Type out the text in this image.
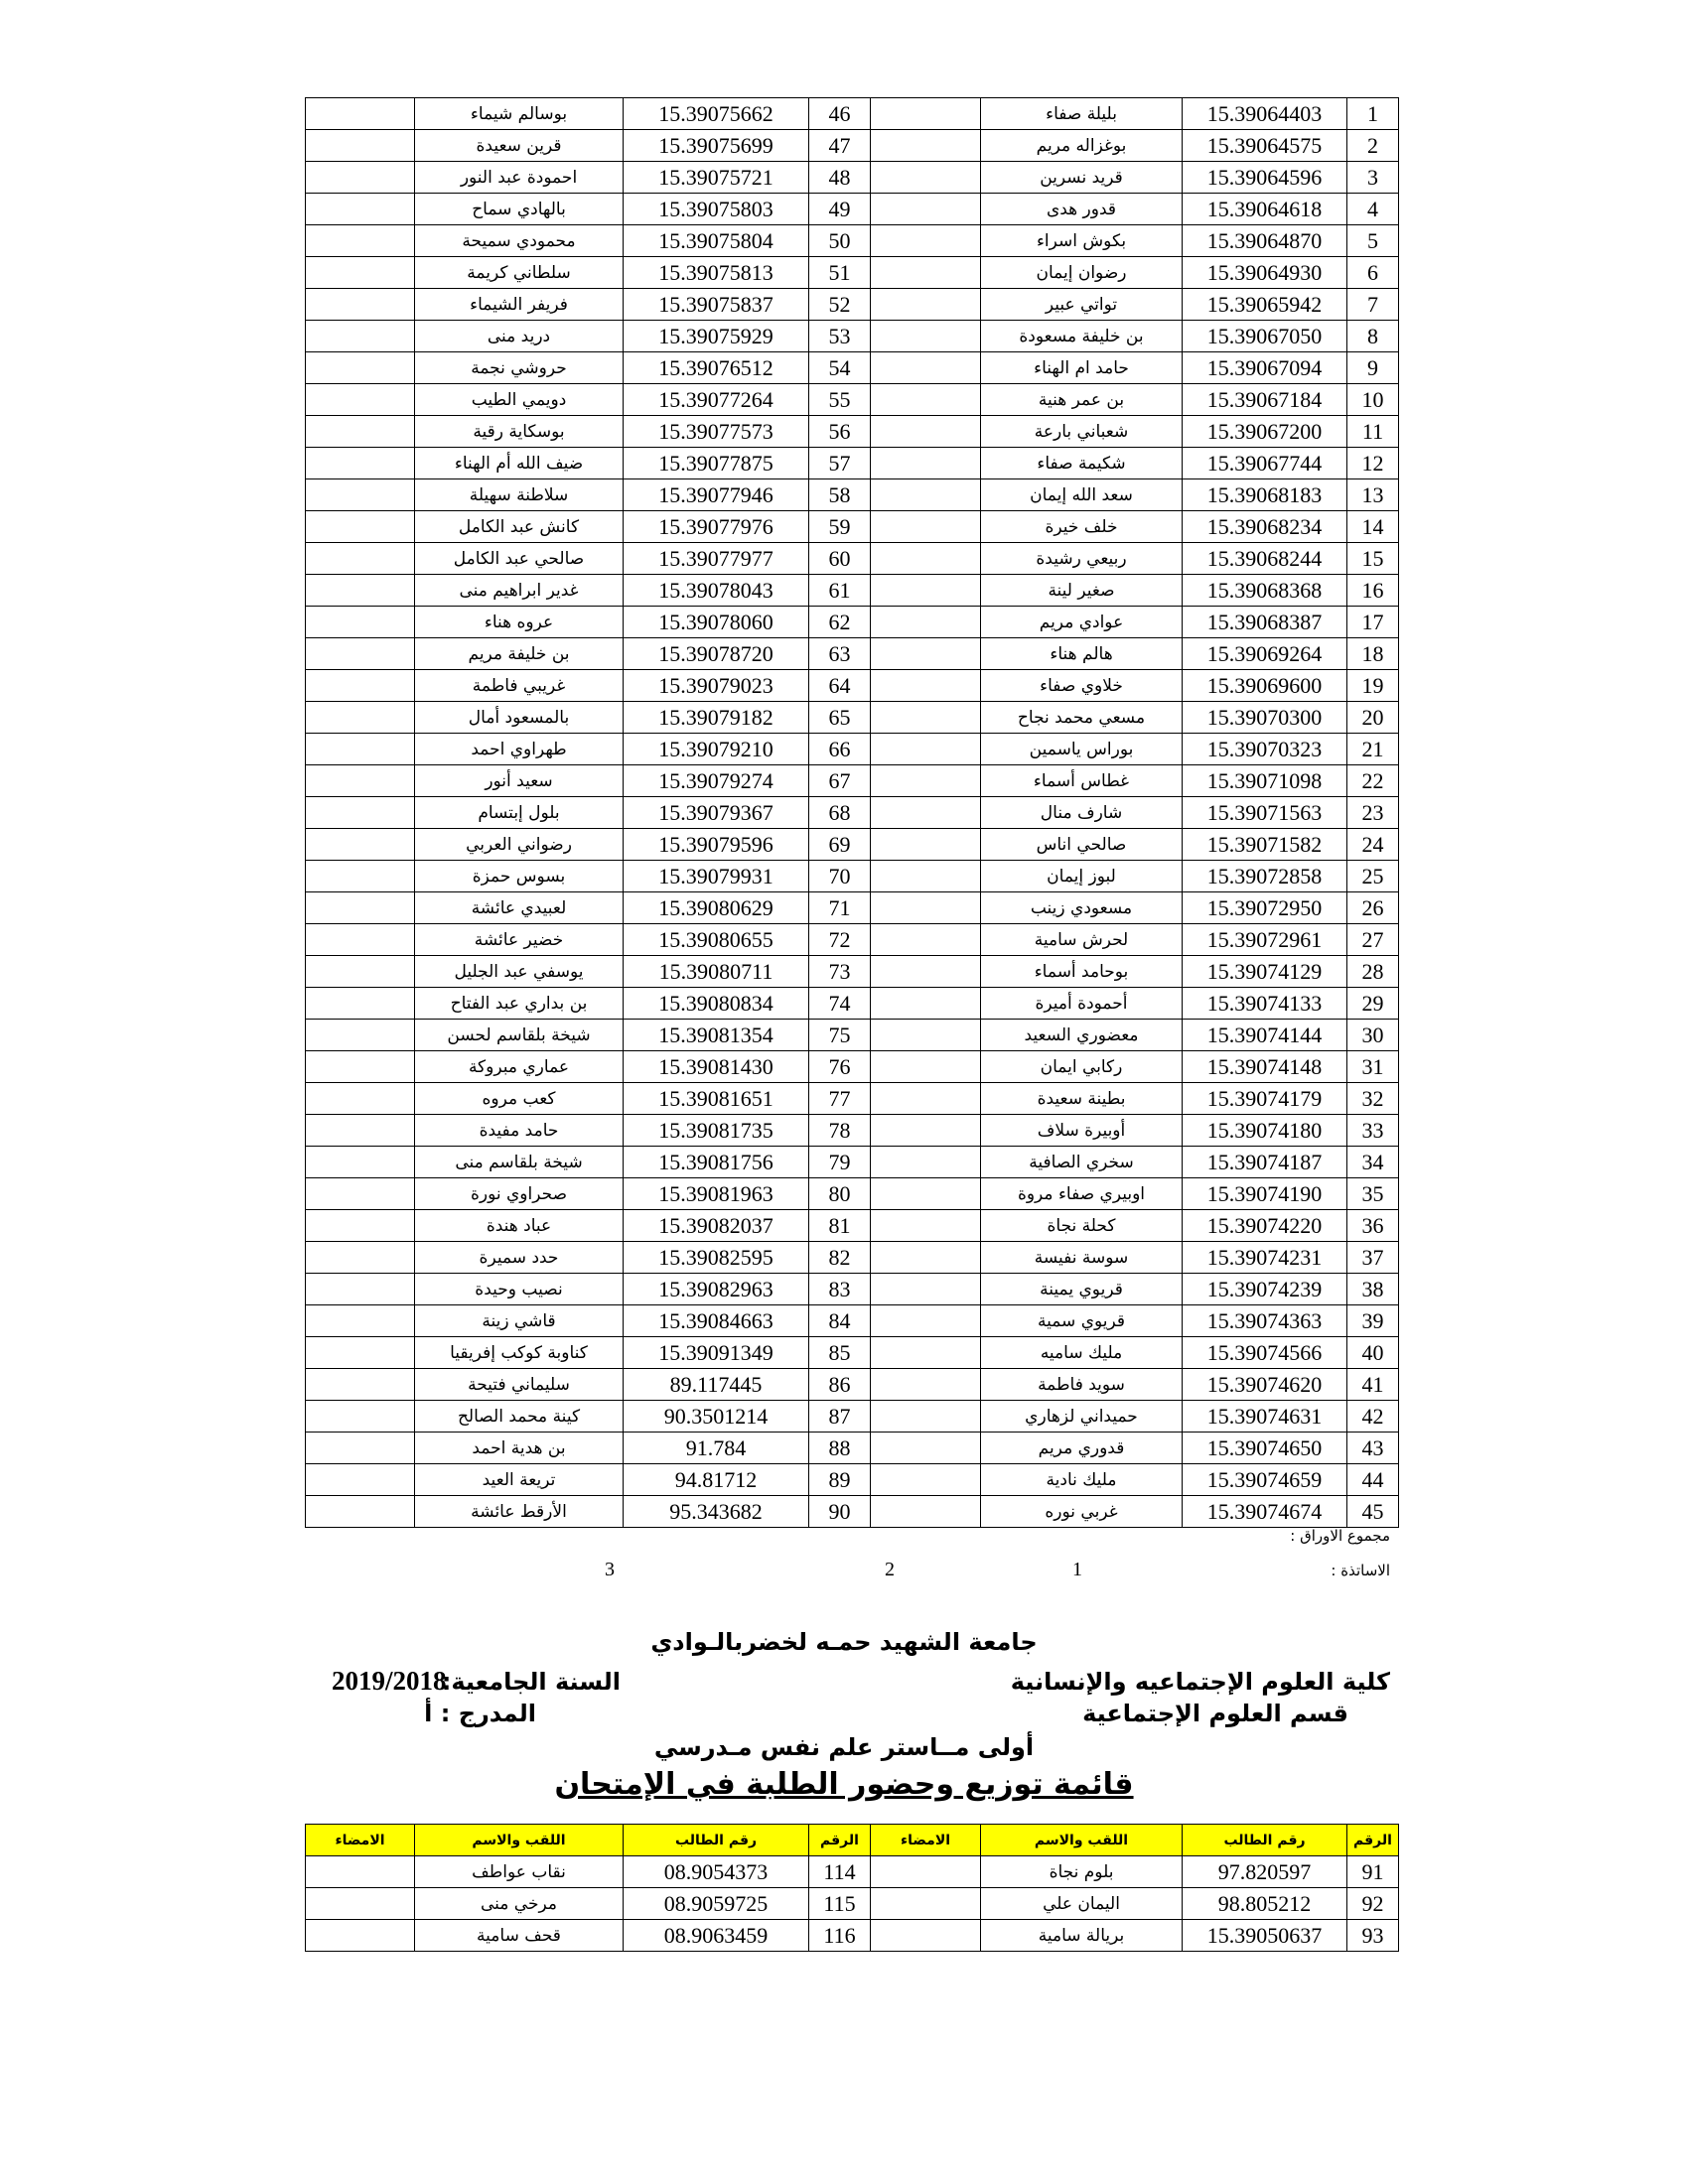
	بوسالم شيماء	15.39075662	46		بليلة صفاء	15.39064403	1
	قرين سعيدة	15.39075699	47		بوغزاله مريم	15.39064575	2
	احمودة عبد النور	15.39075721	48		قريد نسرين	15.39064596	3
	بالهادي سماح	15.39075803	49		قدور هدى	15.39064618	4
	محمودي سميحة	15.39075804	50		بكوش اسراء	15.39064870	5
	سلطاني كريمة	15.39075813	51		رضوان إيمان	15.39064930	6
	فريفر الشيماء	15.39075837	52		تواتي عبير	15.39065942	7
	دريد منى	15.39075929	53		بن خليفة مسعودة	15.39067050	8
	حروشي نجمة	15.39076512	54		حامد ام الهناء	15.39067094	9
	دويمي الطيب	15.39077264	55		بن عمر هنية	15.39067184	10
	بوسكاية رقية	15.39077573	56		شعباني بارعة	15.39067200	11
	ضيف الله أم الهناء	15.39077875	57		شكيمة صفاء	15.39067744	12
	سلاطنة سهيلة	15.39077946	58		سعد الله إيمان	15.39068183	13
	كانش عبد الكامل	15.39077976	59		خلف خيرة	15.39068234	14
	صالحي عبد الكامل	15.39077977	60		ربيعي رشيدة	15.39068244	15
	غدير ابراهيم منى	15.39078043	61		صغير لينة	15.39068368	16
	عروه هناء	15.39078060	62		عوادي مريم	15.39068387	17
	بن خليفة مريم	15.39078720	63		هالم هناء	15.39069264	18
	غريبي فاطمة	15.39079023	64		خلاوي صفاء	15.39069600	19
	بالمسعود أمال	15.39079182	65		مسعي محمد نجاح	15.39070300	20
	طهراوي احمد	15.39079210	66		بوراس ياسمين	15.39070323	21
	سعيد أنور	15.39079274	67		غطاس أسماء	15.39071098	22
	بلول إبتسام	15.39079367	68		شارف منال	15.39071563	23
	رضواني العربي	15.39079596	69		صالحي اناس	15.39071582	24
	بسوس حمزة	15.39079931	70		لبوز إيمان	15.39072858	25
	لعبيدي عائشة	15.39080629	71		مسعودي زينب	15.39072950	26
	خضير عائشة	15.39080655	72		لحرش سامية	15.39072961	27
	يوسفي عبد الجليل	15.39080711	73		بوحامد أسماء	15.39074129	28
	بن بداري عبد الفتاح	15.39080834	74		أحمودة أميرة	15.39074133	29
	شيخة بلقاسم لحسن	15.39081354	75		معضوري السعيد	15.39074144	30
	عماري مبروكة	15.39081430	76		ركابي ايمان	15.39074148	31
	كعب مروه	15.39081651	77		بطينة سعيدة	15.39074179	32
	حامد مفيدة	15.39081735	78		أوبيرة سلاف	15.39074180	33
	شيخة بلقاسم منى	15.39081756	79		سخري الصافية	15.39074187	34
	صحراوي نورة	15.39081963	80		اوبيري صفاء مروة	15.39074190	35
	عباد هندة	15.39082037	81		كحلة نجاة	15.39074220	36
	حدد سميرة	15.39082595	82		سوسة نفيسة	15.39074231	37
	نصيب وحيدة	15.39082963	83		قريوي يمينة	15.39074239	38
	قاشي زينة	15.39084663	84		قريوي سمية	15.39074363	39
	كناوبة كوكب إفريقيا	15.39091349	85		مليك ساميه	15.39074566	40
	سليماني فتيحة	89.117445	86		سويد فاطمة	15.39074620	41
	كينة محمد الصالح	90.3501214	87		حميداني لزهاري	15.39074631	42
	بن هدية احمد	91.784	88		قدوري مريم	15.39074650	43
	تريعة العيد	94.81712	89		مليك نادية	15.39074659	44
	الأرقط عائشة	95.343682	90		غربي نوره	15.39074674	45
مجموع الاوراق :
الاساتذة :
1
2
3
جامعة الشهيد حمـه لخضربالـوادي
كلية العلوم الإجتماعيه والإنسانية
قسم العلوم الإجتماعية
السنة الجامعية:
2019/2018
المدرج : أ
أولى مــاستر علم نفس مـدرسي
قائمة توزيع وحضور الطلبة في الإمتحان
الامضاء	اللقب والاسم	رقم الطالب	الرقم	الامضاء	اللقب والاسم	رقم الطالب	الرقم
	نقاب عواطف	08.9054373	114		بلوم نجاة	97.820597	91
	مرخي منى	08.9059725	115		اليمان علي	98.805212	92
	قحف سامية	08.9063459	116		بريالة سامية	15.39050637	93
